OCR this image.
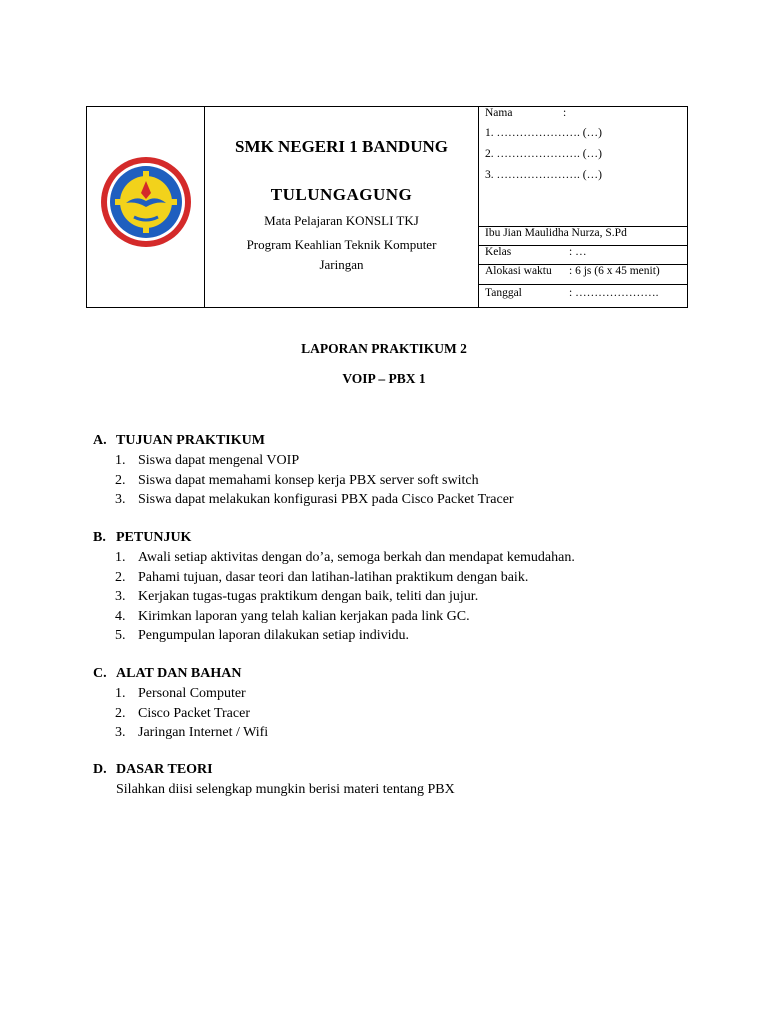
SMK NEGERI 1 BANDUNG
TULUNGAGUNG
Mata Pelajaran KONSLI TKJ
Program Keahlian Teknik Komputer Jaringan
Nama	:
1. …………………. (…)
2. …………………. (…)
3. …………………. (…)
Ibu Jian Maulidha Nurza, S.Pd
Kelas	: …
Alokasi waktu : 6 js (6 x 45 menit)
Tanggal	: ………………….
LAPORAN PRAKTIKUM 2
VOIP – PBX 1
A. TUJUAN PRAKTIKUM
1. Siswa dapat mengenal VOIP
2. Siswa dapat memahami konsep kerja PBX server soft switch
3. Siswa dapat melakukan konfigurasi PBX pada Cisco Packet Tracer
B. PETUNJUK
1. Awali setiap aktivitas dengan do’a, semoga berkah dan mendapat kemudahan.
2. Pahami tujuan, dasar teori dan latihan-latihan praktikum dengan baik.
3. Kerjakan tugas-tugas praktikum dengan baik, teliti dan jujur.
4. Kirimkan laporan yang telah kalian kerjakan pada link GC.
5. Pengumpulan laporan dilakukan setiap individu.
C. ALAT DAN BAHAN
1. Personal Computer
2. Cisco Packet Tracer
3. Jaringan Internet / Wifi
D. DASAR TEORI
Silahkan diisi selengkap mungkin berisi materi tentang PBX
